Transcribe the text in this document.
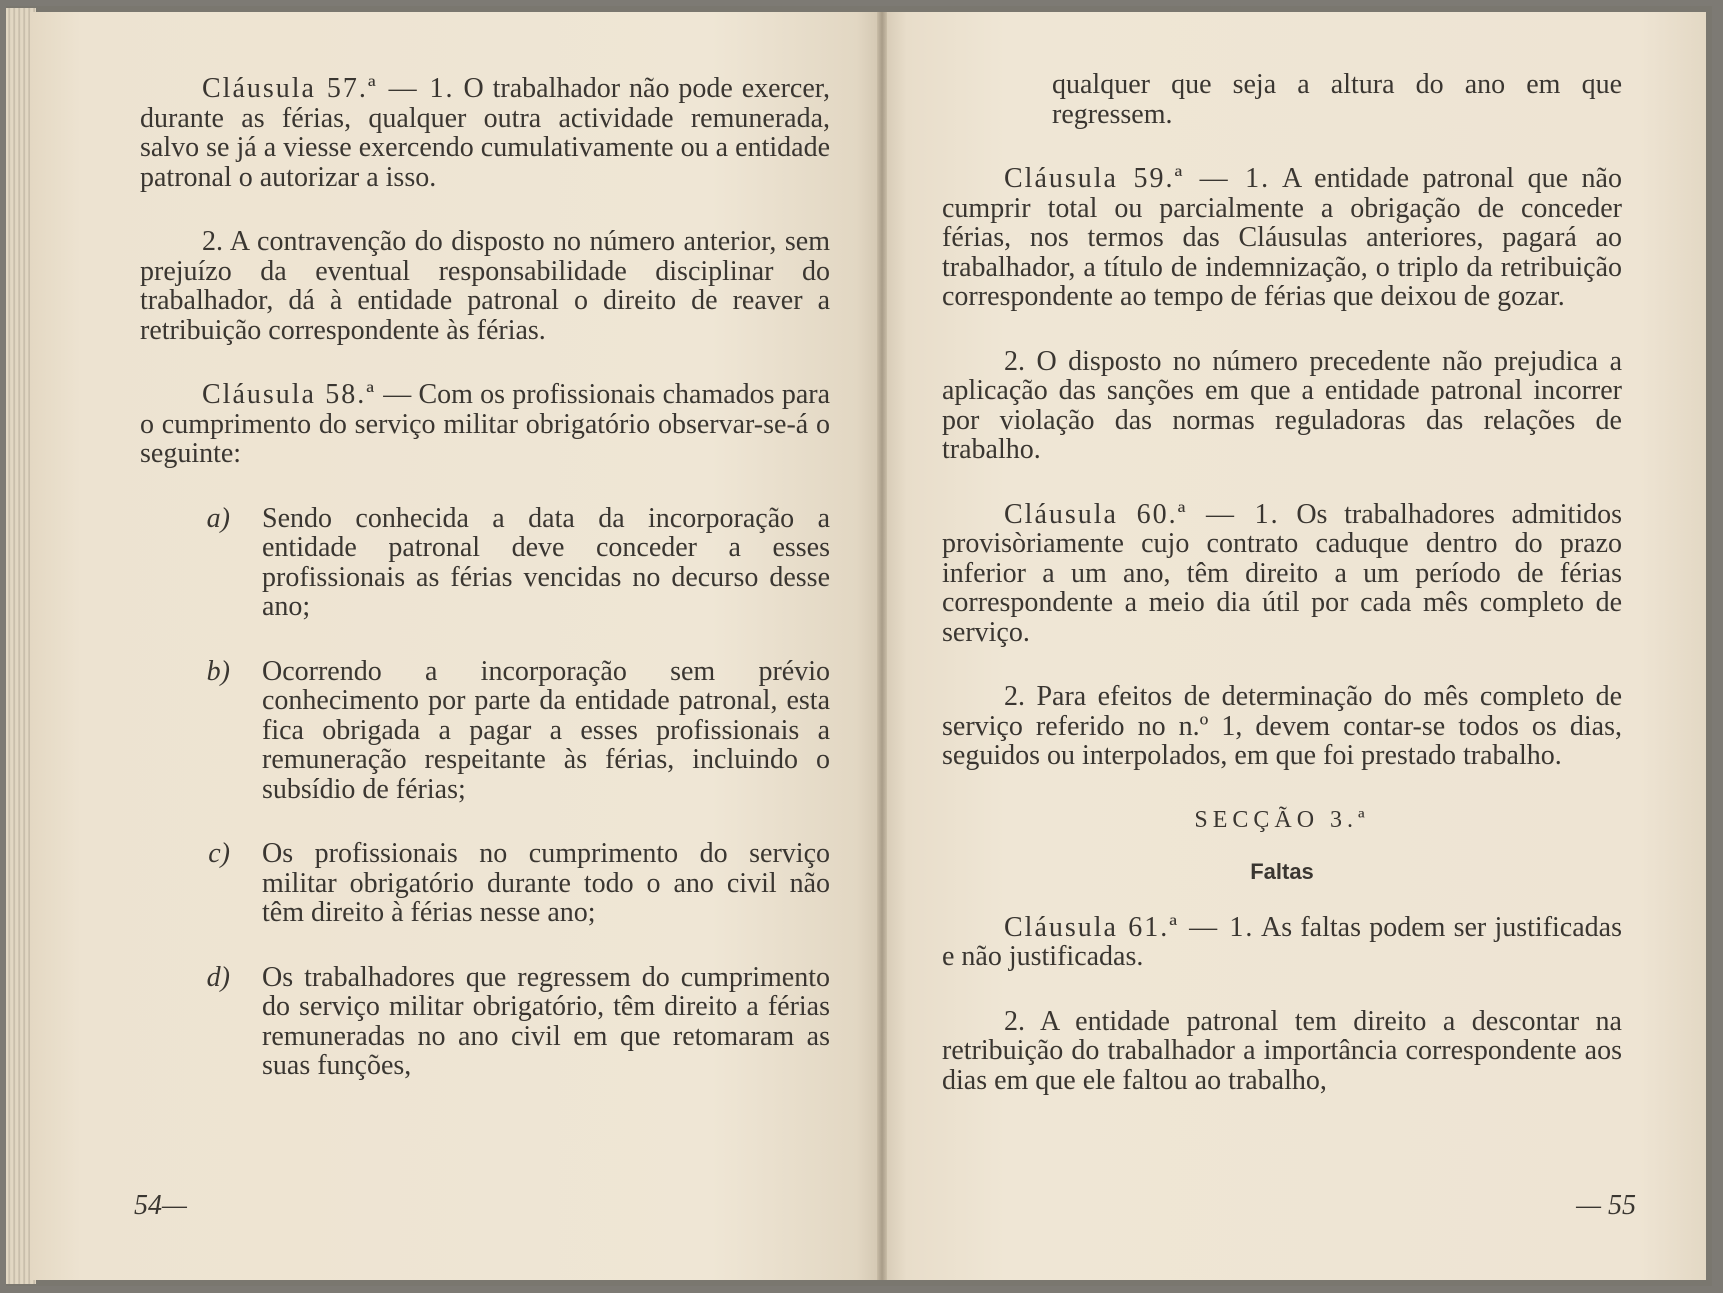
Cláusula 57.ª — 1. O trabalhador não pode exercer, durante as férias, qualquer outra actividade remunerada, salvo se já a viesse exercendo cumulativamente ou a entidade patronal o autorizar a isso.

2. A contravenção do disposto no número anterior, sem prejuízo da eventual responsabilidade disciplinar do trabalhador, dá à entidade patronal o direito de reaver a retribuição correspondente às férias.

Cláusula 58.ª — Com os profissionais chamados para o cumprimento do serviço militar obrigatório observar-se-á o seguinte:

a)	Sendo conhecida a data da incorporação a entidade patronal deve conceder a esses profissionais as férias vencidas no decurso desse ano;
b)	Ocorrendo a incorporação sem prévio conhecimento por parte da entidade patronal, esta fica obrigada a pagar a esses profissionais a remuneração respeitante às férias, incluindo o subsídio de férias;
c)	Os profissionais no cumprimento do serviço militar obrigatório durante todo o ano civil não têm direito à férias nesse ano;
d)	Os trabalhadores que regressem do cumprimento do serviço militar obrigatório, têm direito a férias remuneradas no ano civil em que retomaram as suas funções,
54—

qualquer que seja a altura do ano em que regressem.

Cláusula 59.ª — 1. A entidade patronal que não cumprir total ou parcialmente a obrigação de conceder férias, nos termos das Cláusulas anteriores, pagará ao trabalhador, a título de indemnização, o triplo da retribuição correspondente ao tempo de férias que deixou de gozar.

2. O disposto no número precedente não prejudica a aplicação das sanções em que a entidade patronal incorrer por violação das normas reguladoras das relações de trabalho.

Cláusula 60.ª — 1. Os trabalhadores admitidos provisòriamente cujo contrato caduque dentro do prazo inferior a um ano, têm direito a um período de férias correspondente a meio dia útil por cada mês completo de serviço.

2. Para efeitos de determinação do mês completo de serviço referido no n.º 1, devem contar-se todos os dias, seguidos ou interpolados, em que foi prestado trabalho.

SECÇÃO 3.ª

Faltas

Cláusula 61.ª — 1. As faltas podem ser justificadas e não justificadas.

2. A entidade patronal tem direito a descontar na retribuição do trabalhador a importância correspondente aos dias em que ele faltou ao trabalho,

— 55
